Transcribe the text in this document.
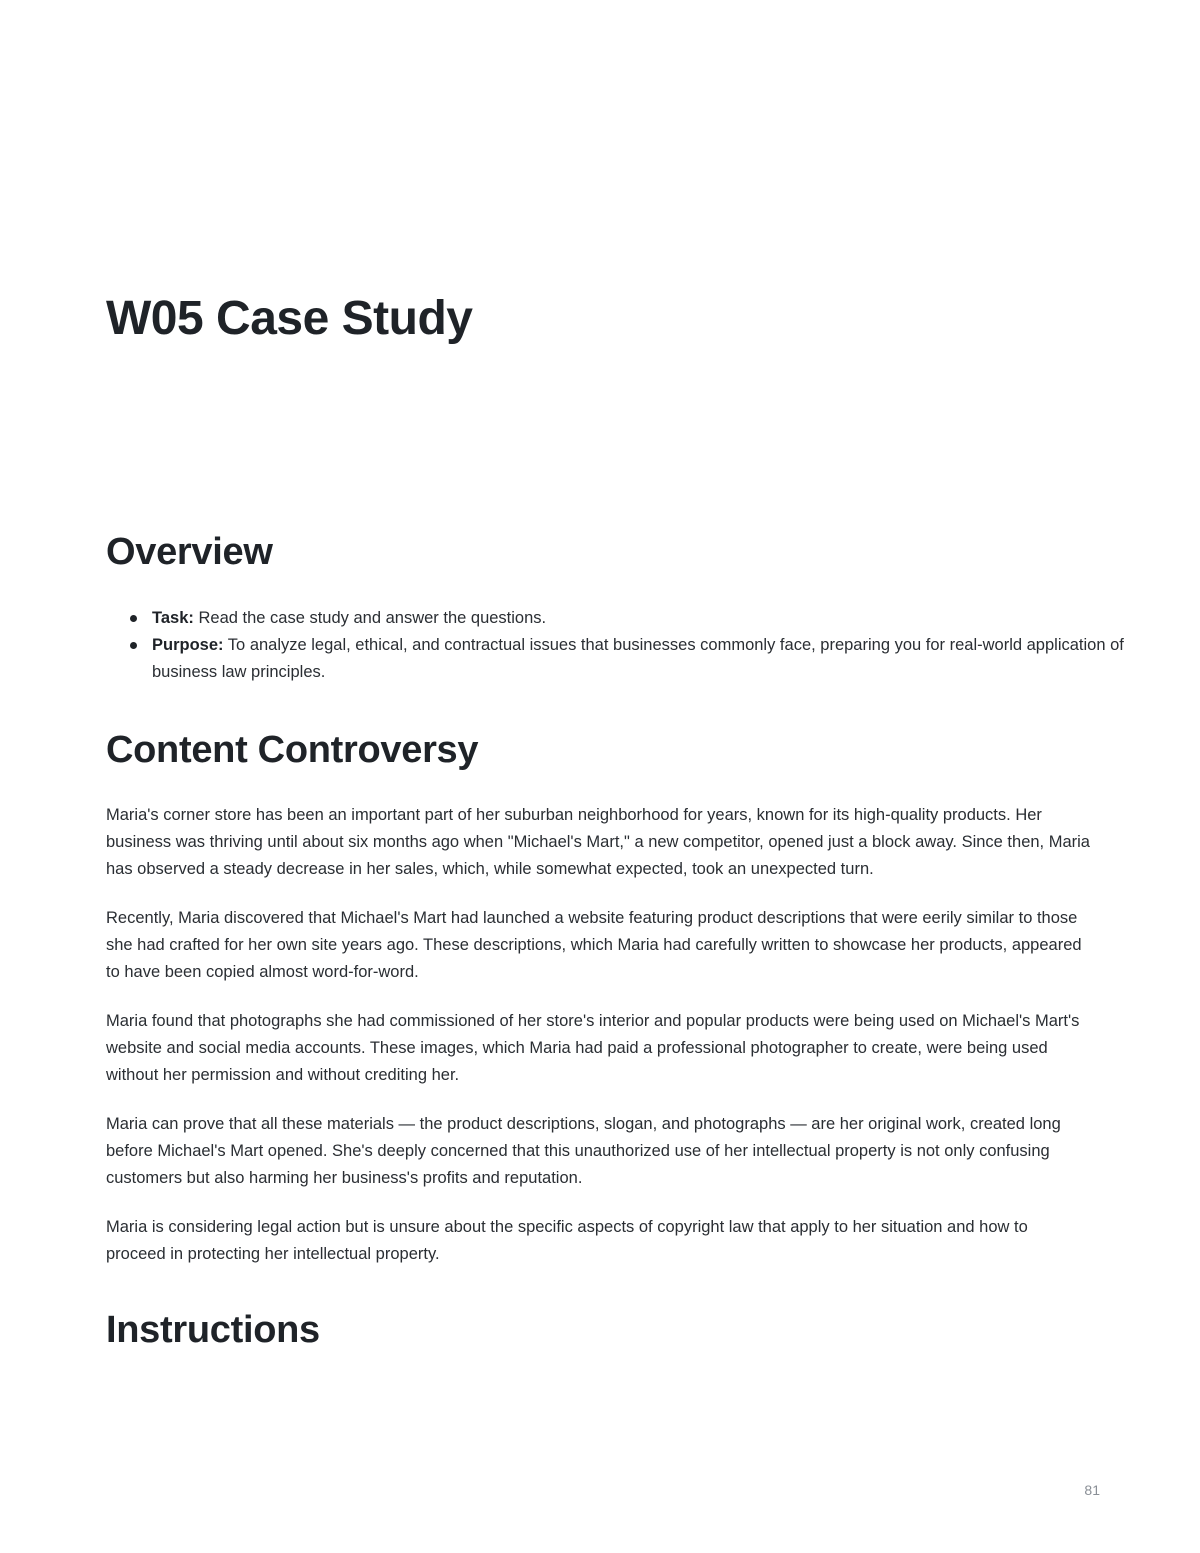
W05 Case Study
Overview
Task: Read the case study and answer the questions.
Purpose: To analyze legal, ethical, and contractual issues that businesses commonly face, preparing you for real-world application of business law principles.
Content Controversy

Maria's corner store has been an important part of her suburban neighborhood for years, known for its high-quality products. Her business was thriving until about six months ago when "Michael's Mart," a new competitor, opened just a block away. Since then, Maria has observed a steady decrease in her sales, which, while somewhat expected, took an unexpected turn.

Recently, Maria discovered that Michael's Mart had launched a website featuring product descriptions that were eerily similar to those she had crafted for her own site years ago. These descriptions, which Maria had carefully written to showcase her products, appeared to have been copied almost word-for-word.

Maria found that photographs she had commissioned of her store's interior and popular products were being used on Michael's Mart's website and social media accounts. These images, which Maria had paid a professional photographer to create, were being used without her permission and without crediting her.

Maria can prove that all these materials — the product descriptions, slogan, and photographs — are her original work, created long before Michael's Mart opened. She's deeply concerned that this unauthorized use of her intellectual property is not only confusing customers but also harming her business's profits and reputation.

Maria is considering legal action but is unsure about the specific aspects of copyright law that apply to her situation and how to proceed in protecting her intellectual property.

Instructions
81
